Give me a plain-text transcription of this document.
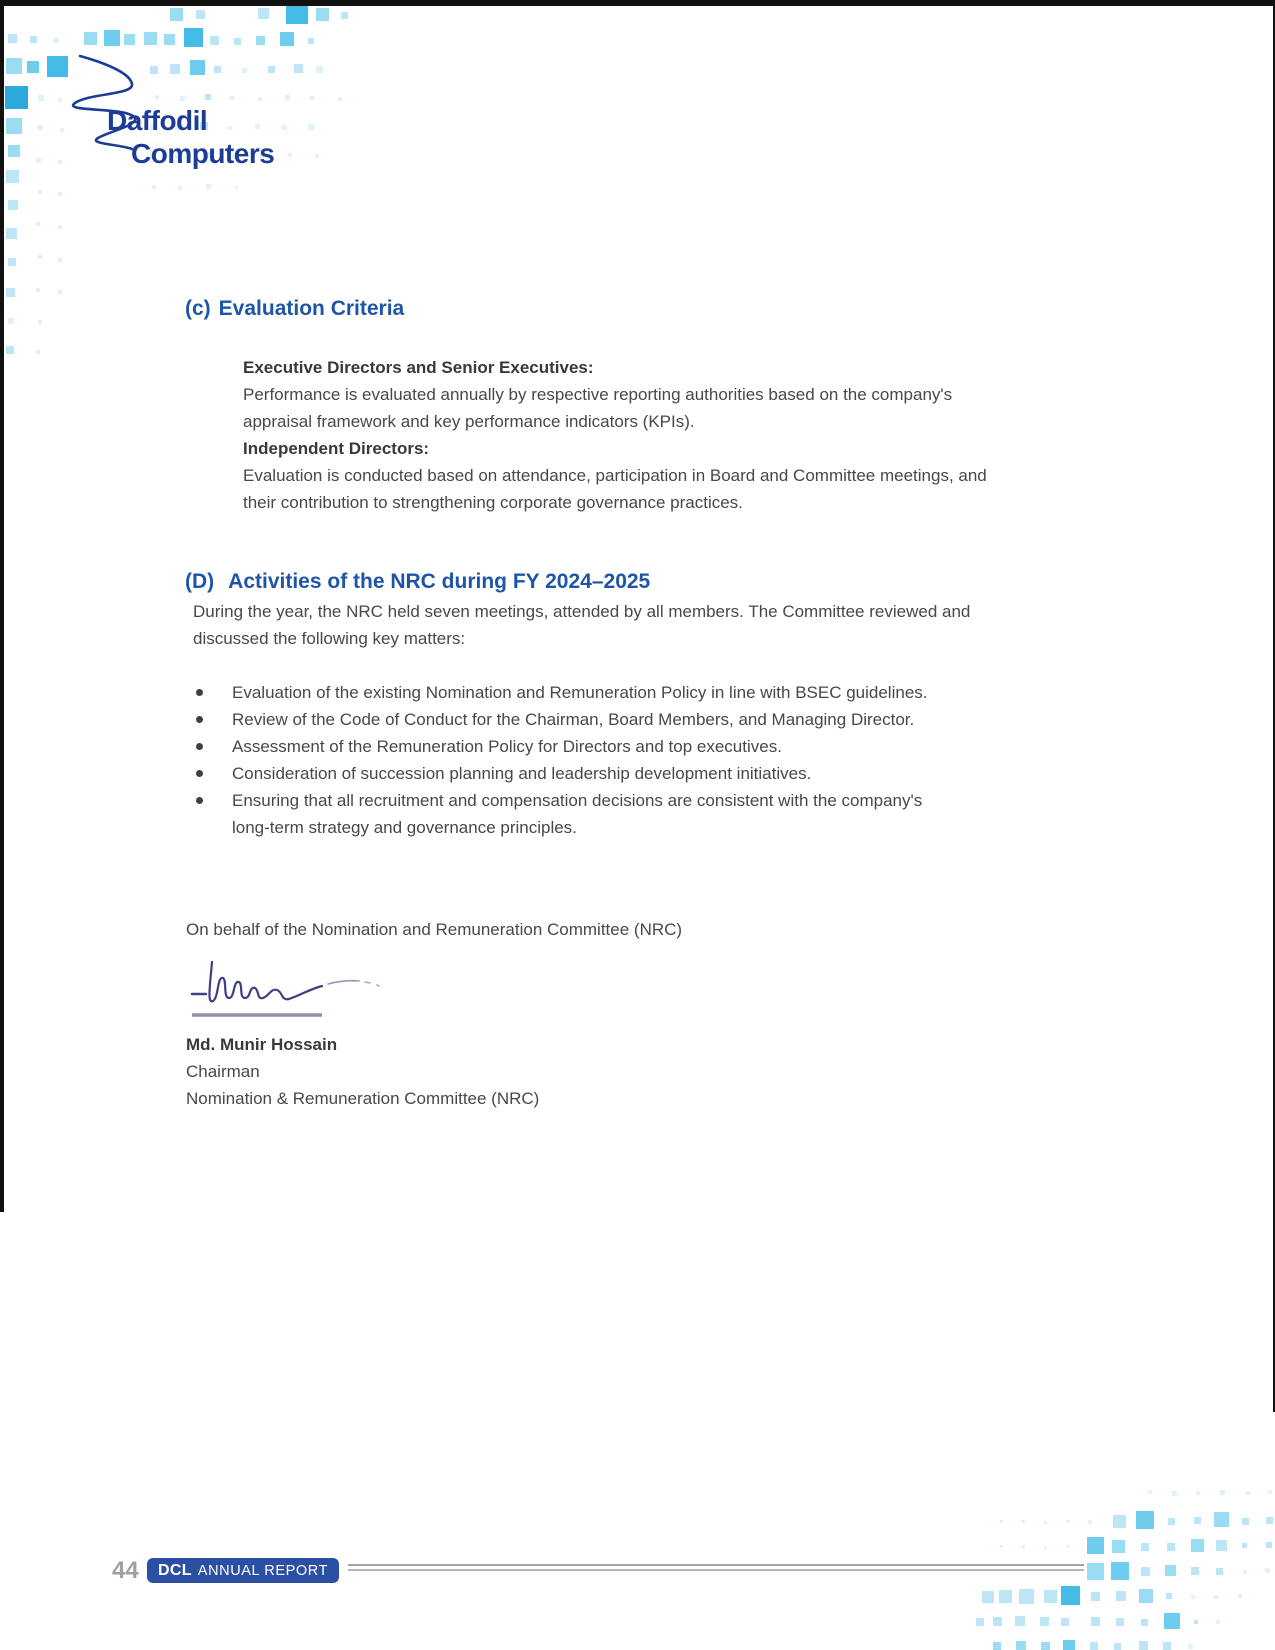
Daffodil
Computers
(c) Evaluation Criteria
Executive Directors and Senior Executives:
Performance is evaluated annually by respective reporting authorities based on the company's
appraisal framework and key performance indicators (KPIs).
Independent Directors:
Evaluation is conducted based on attendance, participation in Board and Committee meetings, and
their contribution to strengthening corporate governance practices.
(D) Activities of the NRC during FY 2024–2025
During the year, the NRC held seven meetings, attended by all members. The Committee reviewed and
discussed the following key matters:
Evaluation of the existing Nomination and Remuneration Policy in line with BSEC guidelines.
Review of the Code of Conduct for the Chairman, Board Members, and Managing Director.
Assessment of the Remuneration Policy for Directors and top executives.
Consideration of succession planning and leadership development initiatives.
Ensuring that all recruitment and compensation decisions are consistent with the company's
long-term strategy and governance principles.
On behalf of the Nomination and Remuneration Committee (NRC)
Md. Munir Hossain
Chairman
Nomination & Remuneration Committee (NRC)
44 DCL ANNUAL REPORT
